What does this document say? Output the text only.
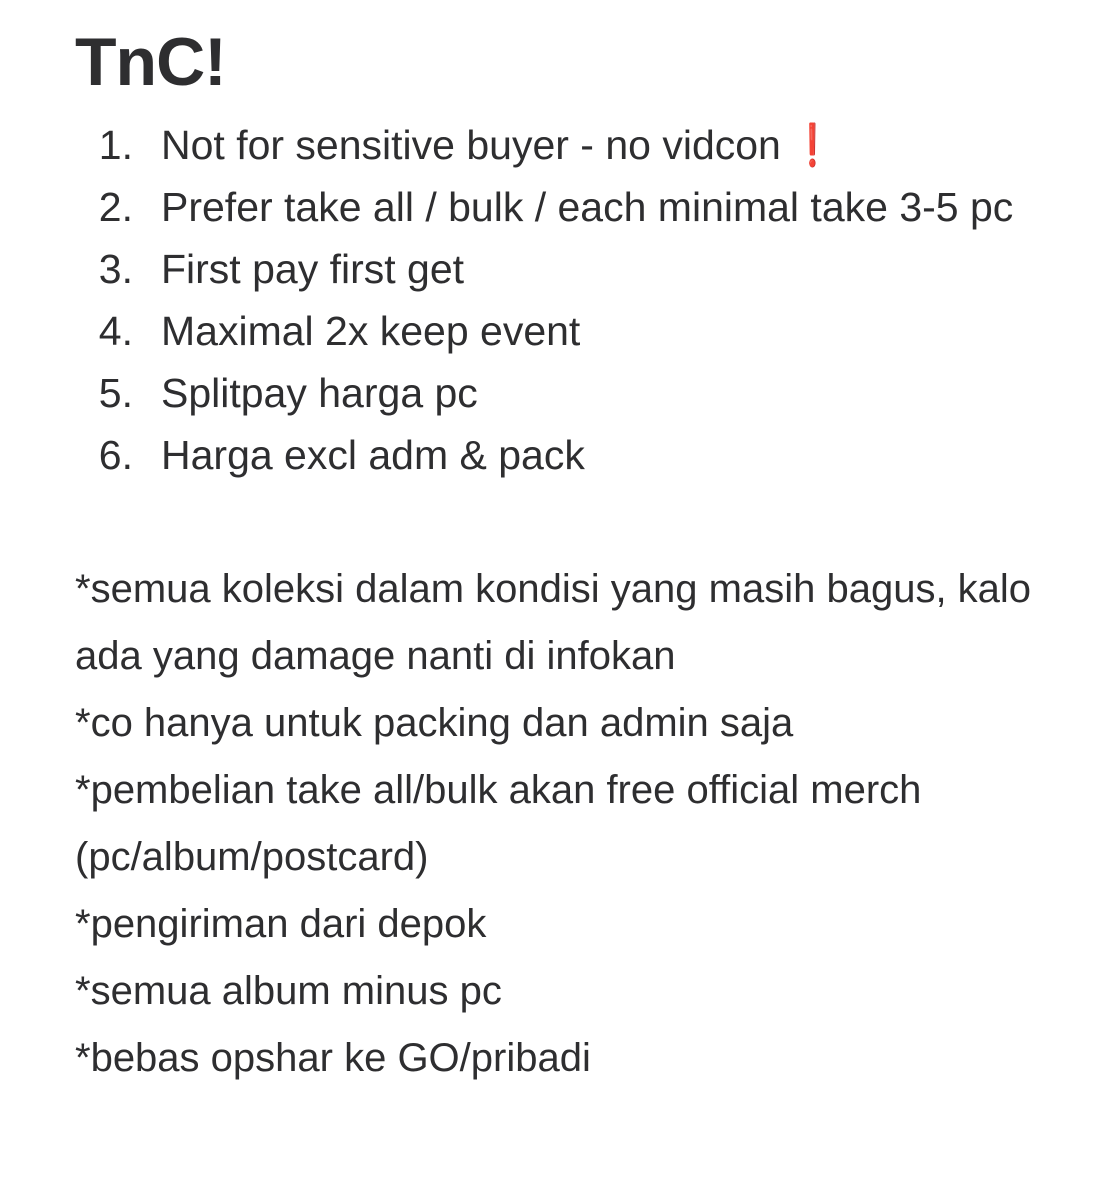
TnC!
1. Not for sensitive buyer - no vidcon ❗
2. Prefer take all / bulk / each minimal take 3-5 pc
3. First pay first get
4. Maximal 2x keep event
5. Splitpay harga pc
6. Harga excl adm & pack
*semua koleksi dalam kondisi yang masih bagus, kalo ada yang damage nanti di infokan
*co hanya untuk packing dan admin saja
*pembelian take all/bulk akan free official merch (pc/album/postcard)
*pengiriman dari depok
*semua album minus pc
*bebas opshar ke GO/pribadi
